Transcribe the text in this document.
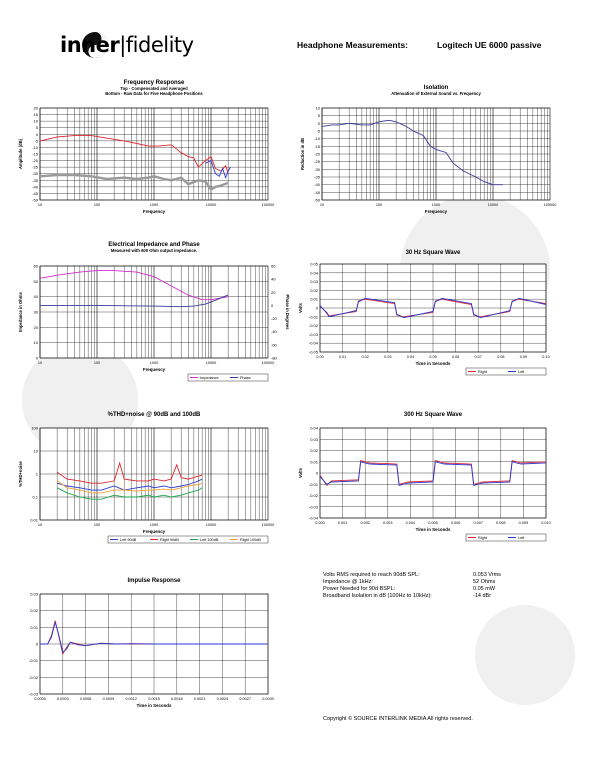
inner|fidelity	Headphone Measurements:	Logitech UE 6000 passive
Frequency Response
Top - Compensated and Averaged
Bottom - Raw Data for Five Headphone Positions
20
15
10
5
0
-5
-10
-15
-20
-25
-30
-35
-40
-45
-50
10	100	1000	10000	100000
Frequency
Amplitude (dB)
Isolation
Attenuation of External Sound vs. Frequency
10
5
0
-5
-10
-15
-20
-25
-30
-35
-40
-45
-50
10	100	1000	10000	100000
Frequency
Reduction in dB
Electrical Impedance and Phase
Measured with 600 Ohm output impedance.
60
50
40
30
20
10
0
60
40
20
0
-20
-40
-60
-80
10	100	1000	10000	100000
Frequency
Impedance in Ohms	Phase in Degrees
Impedance	Phase
30 Hz Square Wave
0.05
0.04
0.03
0.02
0.01
0
-0.01
-0.02
-0.03
-0.04
-0.05
0.00	0.01	0.02	0.03	0.04	0.05	0.06	0.07	0.08	0.09	0.10
Time in Seconds
Volts
Right	Left
%THD+noise @ 90dB and 100dB
100
10
1
0.1
0.01
10	100	1000	10000	100000
Frequency
%THD+noise
Left 90dB	Right 90dB	Left 100dB	Right 100dB
300 Hz Square Wave
0.04
0.03
0.02
0.01
0
-0.01
-0.02
-0.03
-0.04
0.000	0.001	0.002	0.003	0.004	0.005	0.006	0.007	0.008	0.009	0.010
Time in Seconds
Volts
Right	Left
Impulse Response
0.03
0.02
0.01
0
-0.01
-0.02
-0.03
0.0000	0.0003	0.0006	0.0009	0.0012	0.0015	0.0018	0.0021	0.0024	0.0027	0.0030
Time in Seconds
Volts RMS required to reach 90dB SPL:	0.053 Vrms
Impedance @ 1kHz:	52 Ohms
Power Needed for 90d BSPL:	0.05 mW
Broadband Isolation in dB (100Hz to 10kHz):	-14 dBr
Copyright © SOURCE INTERLINK MEDIA All rights reserved.
